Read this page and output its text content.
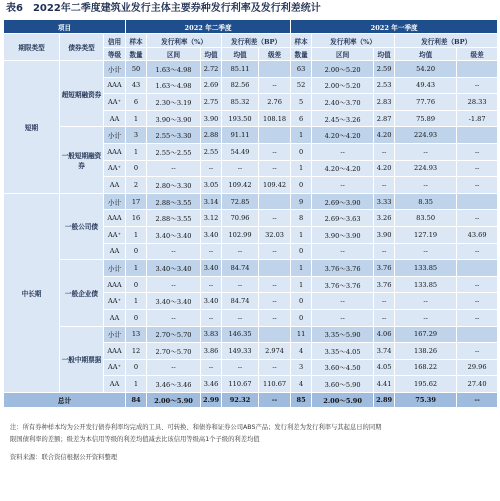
表6　2022年二季度建筑业发行主体主要券种发行利率及发行利差统计
项目			2022 年二季度					2022 年一季度				
期限类型	债券类型	信用	样本	发行利率（%）		发行利差（BP）		样本	发行利率（%）		发行利差（BP）	
		等级	数量	区间	均值	均值	级差	数量	区间	均值	均值	级差
短期	超短期融资券	小计	50	1.63～4.98	2.72	85.11		63	2.00～5.20	2.59	54.20	
		AAA	43	1.63～4.98	2.69	82.56	--	52	2.00～5.20	2.53	49.43	--
		AA⁺	6	2.30～3.19	2.75	85.32	2.76	5	2.40～3.70	2.83	77.76	28.33
		AA	1	3.90～3.90	3.90	193.50	108.18	6	2.45～3.26	2.87	75.89	-1.87
	一般短期融资券	小计	3	2.55～3.30	2.88	91.11		1	4.20～4.20	4.20	224.93	
		AAA	1	2.55～2.55	2.55	54.49	--	0	--	--	--	--
		AA⁺	0	--	--	--	--	1	4.20～4.20	4.20	224.93	--
		AA	2	2.80～3.30	3.05	109.42	109.42	0	--	--	--	--
中长期	一般公司债	小计	17	2.88～3.55	3.14	72.85		9	2.69～3.90	3.33	8.35	
		AAA	16	2.88～3.55	3.12	70.96	--	8	2.69～3.63	3.26	83.50	--
		AA⁺	1	3.40～3.40	3.40	102.99	32.03	1	3.90～3.90	3.90	127.19	43.69
		AA	0	--	--	--	--	0	--	--	--	--
	一般企业债	小计	1	3.40～3.40	3.40	84.74		1	3.76～3.76	3.76	133.85	
		AAA	0	--	--	--	--	1	3.76～3.76	3.76	133.85	--
		AA⁺	1	3.40～3.40	3.40	84.74	--	0	--	--	--	--
		AA	0	--	--	--	--	0	--	--	--	--
	一般中期票据	小计	13	2.70～5.70	3.83	146.35		11	3.35～5.90	4.06	167.29	
		AAA	12	2.70～5.70	3.86	149.33	2.974	4	3.35～4.05	3.74	138.26	--
		AA⁺	0	--	--	--	--	3	3.60～4.50	4.05	168.22	29.96
		AA	1	3.46～3.46	3.46	110.67	110.67	4	3.60～5.90	4.41	195.62	27.40
总计			84	2.00～5.90	2.99	92.32	--	85	2.00～5.90	2.89	75.39	--
注：所有券种样本均为公开发行债券利率均完成的工具、可转换、和债券和证券公司ABS产品；发行利差为发行利率与其起息日的同期
限国债利率的差额；级差为本信用等级的利差均值减去比该信用等级高1个子级的利差均值
资料来源：联合资信根据公开资料整理
